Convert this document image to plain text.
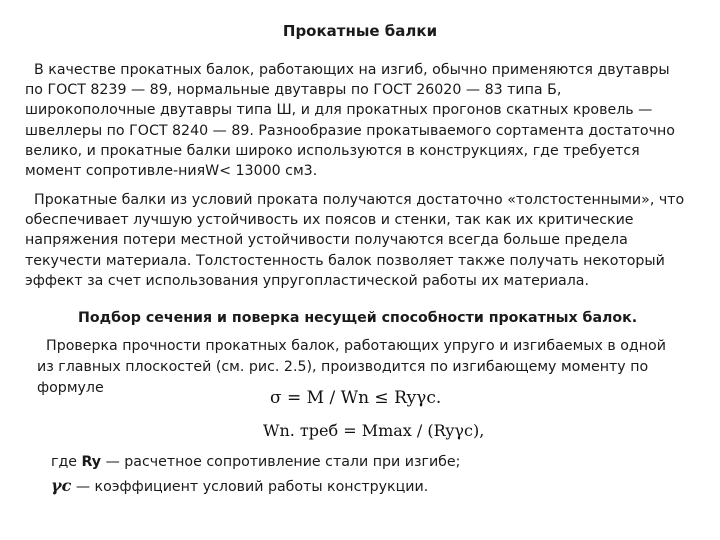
Прокатные балки
В качестве прокатных балок, работающих на изгиб, обычно применяются двутавры
по ГОСТ 8239 — 89, нормальные двутавры по ГОСТ 26020 — 83 типа Б,
широкополочные двутавры типа Ш, и для прокатных прогонов скатных кровель —
швеллеры по ГОСТ 8240 — 89. Разнообразие прокатываемого сортамента достаточно
велико, и прокатные балки широко используются в конструкциях, где требуется
момент сопротивле-нияW< 13000 см3.
Прокатные балки из условий проката получаются достаточно «толстостенными», что
обеспечивает лучшую устойчивость их поясов и стенки, так как их критические
напряжения потери местной устойчивости получаются всегда больше предела
текучести материала. Толстостенность балок позволяет также получать некоторый
эффект за счет использования упругопластической работы их материала.
Подбор сечения и поверка несущей способности прокатных балок.
Проверка прочности прокатных балок, работающих упруго и изгибаемых в одной
из главных плоскостей (см. рис. 2.5), производится по изгибающему моменту по
формуле	σ = M / Wn ≤ Ryγc.
Wn. треб = Mmax / (Ryγc),
где Ry — расчетное сопротивление стали при изгибе;
γc — коэффициент условий работы конструкции.
